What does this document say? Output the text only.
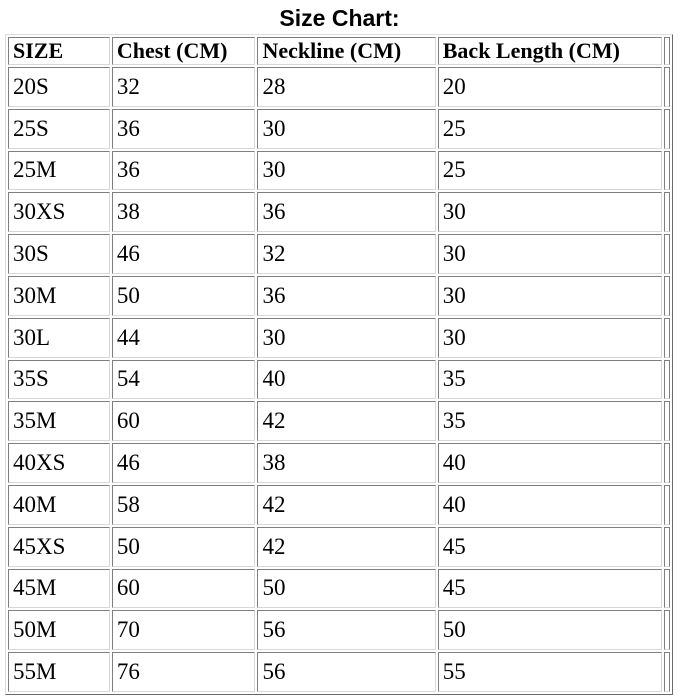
Size Chart:
SIZE	Chest (CM)	Neckline (CM)	Back Length (CM)	
20S	32	28	20	
25S	36	30	25	
25M	36	30	25	
30XS	38	36	30	
30S	46	32	30	
30M	50	36	30	
30L	44	30	30	
35S	54	40	35	
35M	60	42	35	
40XS	46	38	40	
40M	58	42	40	
45XS	50	42	45	
45M	60	50	45	
50M	70	56	50	
55M	76	56	55	
